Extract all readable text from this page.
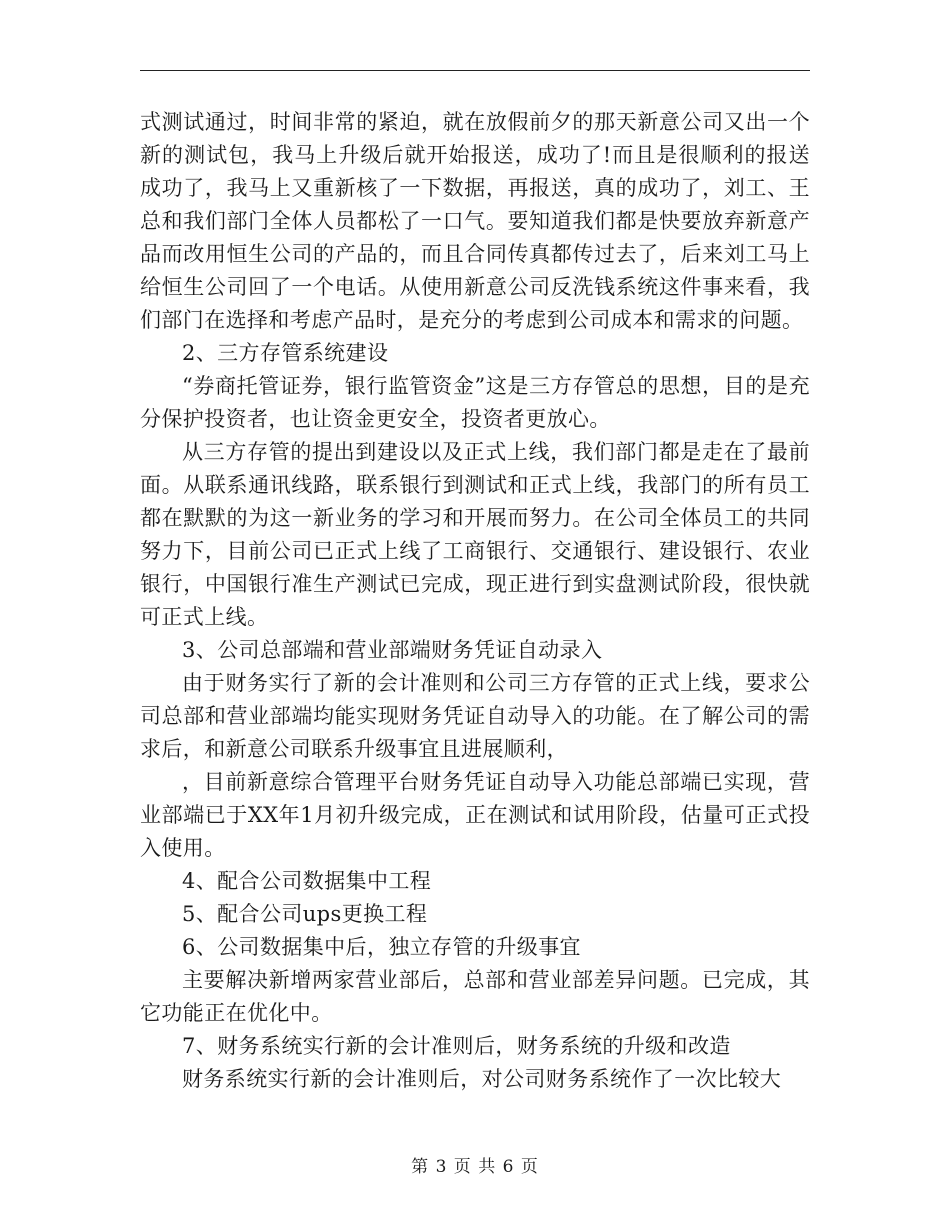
式测试通过，时间非常的紧迫，就在放假前夕的那天新意公司又出一个新的测试包，我马上升级后就开始报送，成功了!而且是很顺利的报送成功了，我马上又重新核了一下数据，再报送，真的成功了，刘工、王总和我们部门全体人员都松了一口气。要知道我们都是快要放弃新意产品而改用恒生公司的产品的，而且合同传真都传过去了，后来刘工马上给恒生公司回了一个电话。从使用新意公司反洗钱系统这件事来看，我们部门在选择和考虑产品时，是充分的考虑到公司成本和需求的问题。

2、三方存管系统建设

“券商托管证券，银行监管资金”这是三方存管总的思想，目的是充分保护投资者，也让资金更安全，投资者更放心。

从三方存管的提出到建设以及正式上线，我们部门都是走在了最前面。从联系通讯线路，联系银行到测试和正式上线，我部门的所有员工都在默默的为这一新业务的学习和开展而努力。在公司全体员工的共同努力下，目前公司已正式上线了工商银行、交通银行、建设银行、农业银行，中国银行准生产测试已完成，现正进行到实盘测试阶段，很快就可正式上线。

3、公司总部端和营业部端财务凭证自动录入

由于财务实行了新的会计准则和公司三方存管的正式上线，要求公司总部和营业部端均能实现财务凭证自动导入的功能。在了解公司的需求后，和新意公司联系升级事宜且进展顺利，

，目前新意综合管理平台财务凭证自动导入功能总部端已实现，营业部端已于XX年1月初升级完成，正在测试和试用阶段，估量可正式投入使用。

4、配合公司数据集中工程

5、配合公司ups更换工程

6、公司数据集中后，独立存管的升级事宜

主要解决新增两家营业部后，总部和营业部差异问题。已完成，其它功能正在优化中。

7、财务系统实行新的会计准则后，财务系统的升级和改造

财务系统实行新的会计准则后，对公司财务系统作了一次比较大

第 3 页 共 6 页
